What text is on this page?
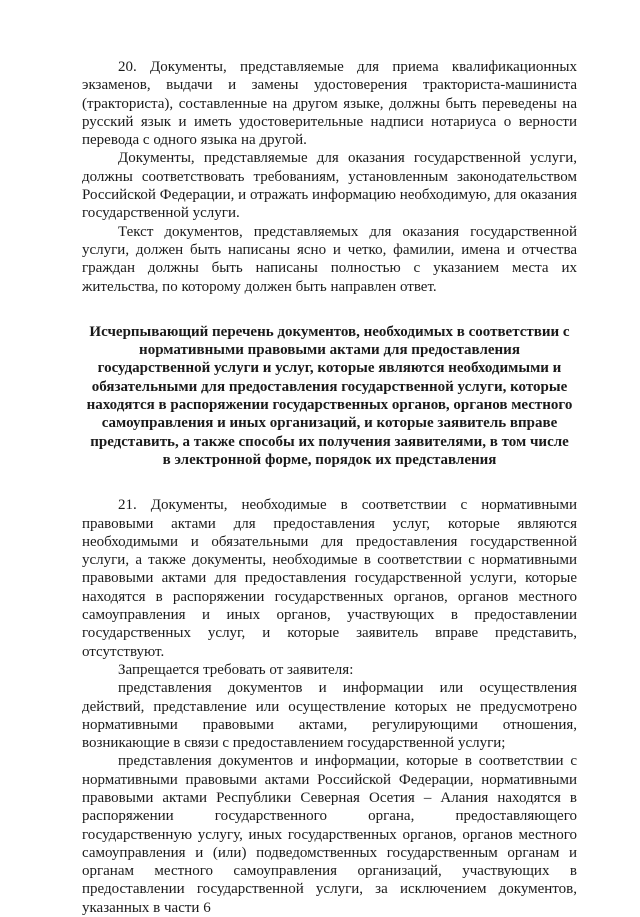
20. Документы, представляемые для приема квалификационных экзаменов, выдачи и замены удостоверения тракториста-машиниста (тракториста), составленные на другом языке, должны быть переведены на русский язык и иметь удостоверительные надписи нотариуса о верности перевода с одного языка на другой.

Документы, представляемые для оказания государственной услуги, должны соответствовать требованиям, установленным законодательством Российской Федерации, и отражать информацию необходимую, для оказания государственной услуги.

Текст документов, представляемых для оказания государственной услуги, должен быть написаны ясно и четко, фамилии, имена и отчества граждан должны быть написаны полностью с указанием места их жительства, по которому должен быть направлен ответ.

Исчерпывающий перечень документов, необходимых в соответствии с нормативными правовыми актами для предоставления государственной услуги и услуг, которые являются необходимыми и обязательными для предоставления государственной услуги, которые находятся в распоряжении государственных органов, органов местного самоуправления и иных организаций, и которые заявитель вправе представить, а также способы их получения заявителями, в том числе в электронной форме, порядок их представления

21. Документы, необходимые в соответствии с нормативными правовыми актами для предоставления услуг, которые являются необходимыми и обязательными для предоставления государственной услуги, а также документы, необходимые в соответствии с нормативными правовыми актами для предоставления государственной услуги, которые находятся в распоряжении государственных органов, органов местного самоуправления и иных органов, участвующих в предоставлении государственных услуг, и которые заявитель вправе представить, отсутствуют.

Запрещается требовать от заявителя:

представления документов и информации или осуществления действий, представление или осуществление которых не предусмотрено нормативными правовыми актами, регулирующими отношения, возникающие в связи с предоставлением государственной услуги;

представления документов и информации, которые в соответствии с нормативными правовыми актами Российской Федерации, нормативными правовыми актами Республики Северная Осетия – Алания находятся в распоряжении государственного органа, предоставляющего государственную услугу, иных государственных органов, органов местного самоуправления и (или) подведомственных государственным органам и органам местного самоуправления организаций, участвующих в предоставлении государственной услуги, за исключением документов, указанных в части 6
